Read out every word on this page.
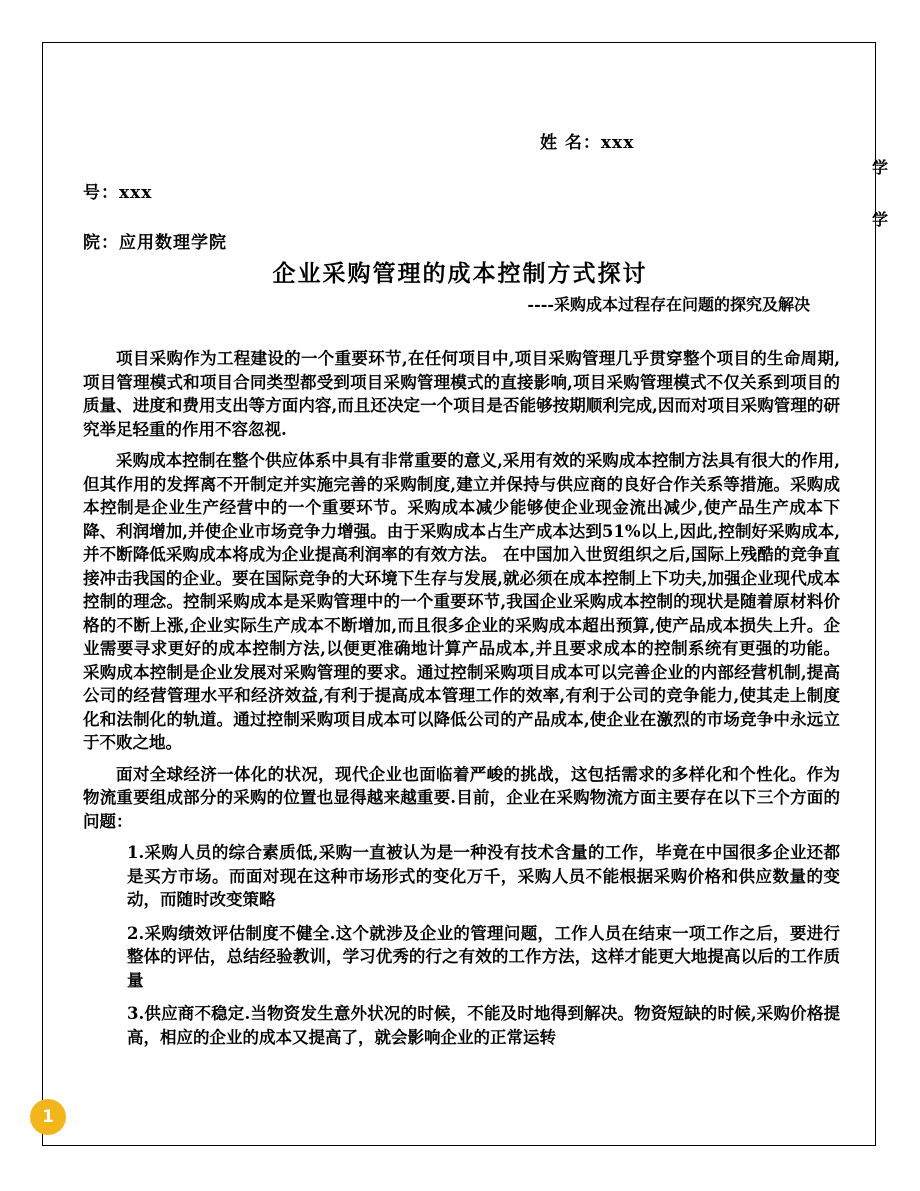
姓 名：xxx
学
号：xxx
学
院：应用数理学院
企业采购管理的成本控制方式探讨
----采购成本过程存在问题的探究及解决

项目采购作为工程建设的一个重要环节,在任何项目中,项目采购管理几乎贯穿整个项目的生命周期,项目管理模式和项目合同类型都受到项目采购管理模式的直接影响,项目采购管理模式不仅关系到项目的质量、进度和费用支出等方面内容,而且还决定一个项目是否能够按期顺利完成,因而对项目采购管理的研究举足轻重的作用不容忽视.

采购成本控制在整个供应体系中具有非常重要的意义,采用有效的采购成本控制方法具有很大的作用,但其作用的发挥离不开制定并实施完善的采购制度,建立并保持与供应商的良好合作关系等措施。采购成本控制是企业生产经营中的一个重要环节。采购成本减少能够使企业现金流出减少,使产品生产成本下降、利润增加,并使企业市场竞争力增强。由于采购成本占生产成本达到51%以上,因此,控制好采购成本,并不断降低采购成本将成为企业提高利润率的有效方法。 在中国加入世贸组织之后,国际上残酷的竞争直接冲击我国的企业。要在国际竞争的大环境下生存与发展,就必须在成本控制上下功夫,加强企业现代成本控制的理念。控制采购成本是采购管理中的一个重要环节,我国企业采购成本控制的现状是随着原材料价格的不断上涨,企业实际生产成本不断增加,而且很多企业的采购成本超出预算,使产品成本损失上升。企业需要寻求更好的成本控制方法,以便更准确地计算产品成本,并且要求成本的控制系统有更强的功能。 采购成本控制是企业发展对采购管理的要求。通过控制采购项目成本可以完善企业的内部经营机制,提高公司的经营管理水平和经济效益,有利于提高成本管理工作的效率,有利于公司的竞争能力,使其走上制度化和法制化的轨道。通过控制采购项目成本可以降低公司的产品成本,使企业在激烈的市场竞争中永远立于不败之地。

面对全球经济一体化的状况，现代企业也面临着严峻的挑战，这包括需求的多样化和个性化。作为物流重要组成部分的采购的位置也显得越来越重要.目前，企业在采购物流方面主要存在以下三个方面的问题：

1.采购人员的综合素质低,采购一直被认为是一种没有技术含量的工作，毕竟在中国很多企业还都是买方市场。而面对现在这种市场形式的变化万千，采购人员不能根据采购价格和供应数量的变动，而随时改变策略

2.采购绩效评估制度不健全.这个就涉及企业的管理问题，工作人员在结束一项工作之后，要进行整体的评估，总结经验教训，学习优秀的行之有效的工作方法，这样才能更大地提高以后的工作质量

3.供应商不稳定.当物资发生意外状况的时候，不能及时地得到解决。物资短缺的时候,采购价格提高，相应的企业的成本又提高了，就会影响企业的正常运转

1
